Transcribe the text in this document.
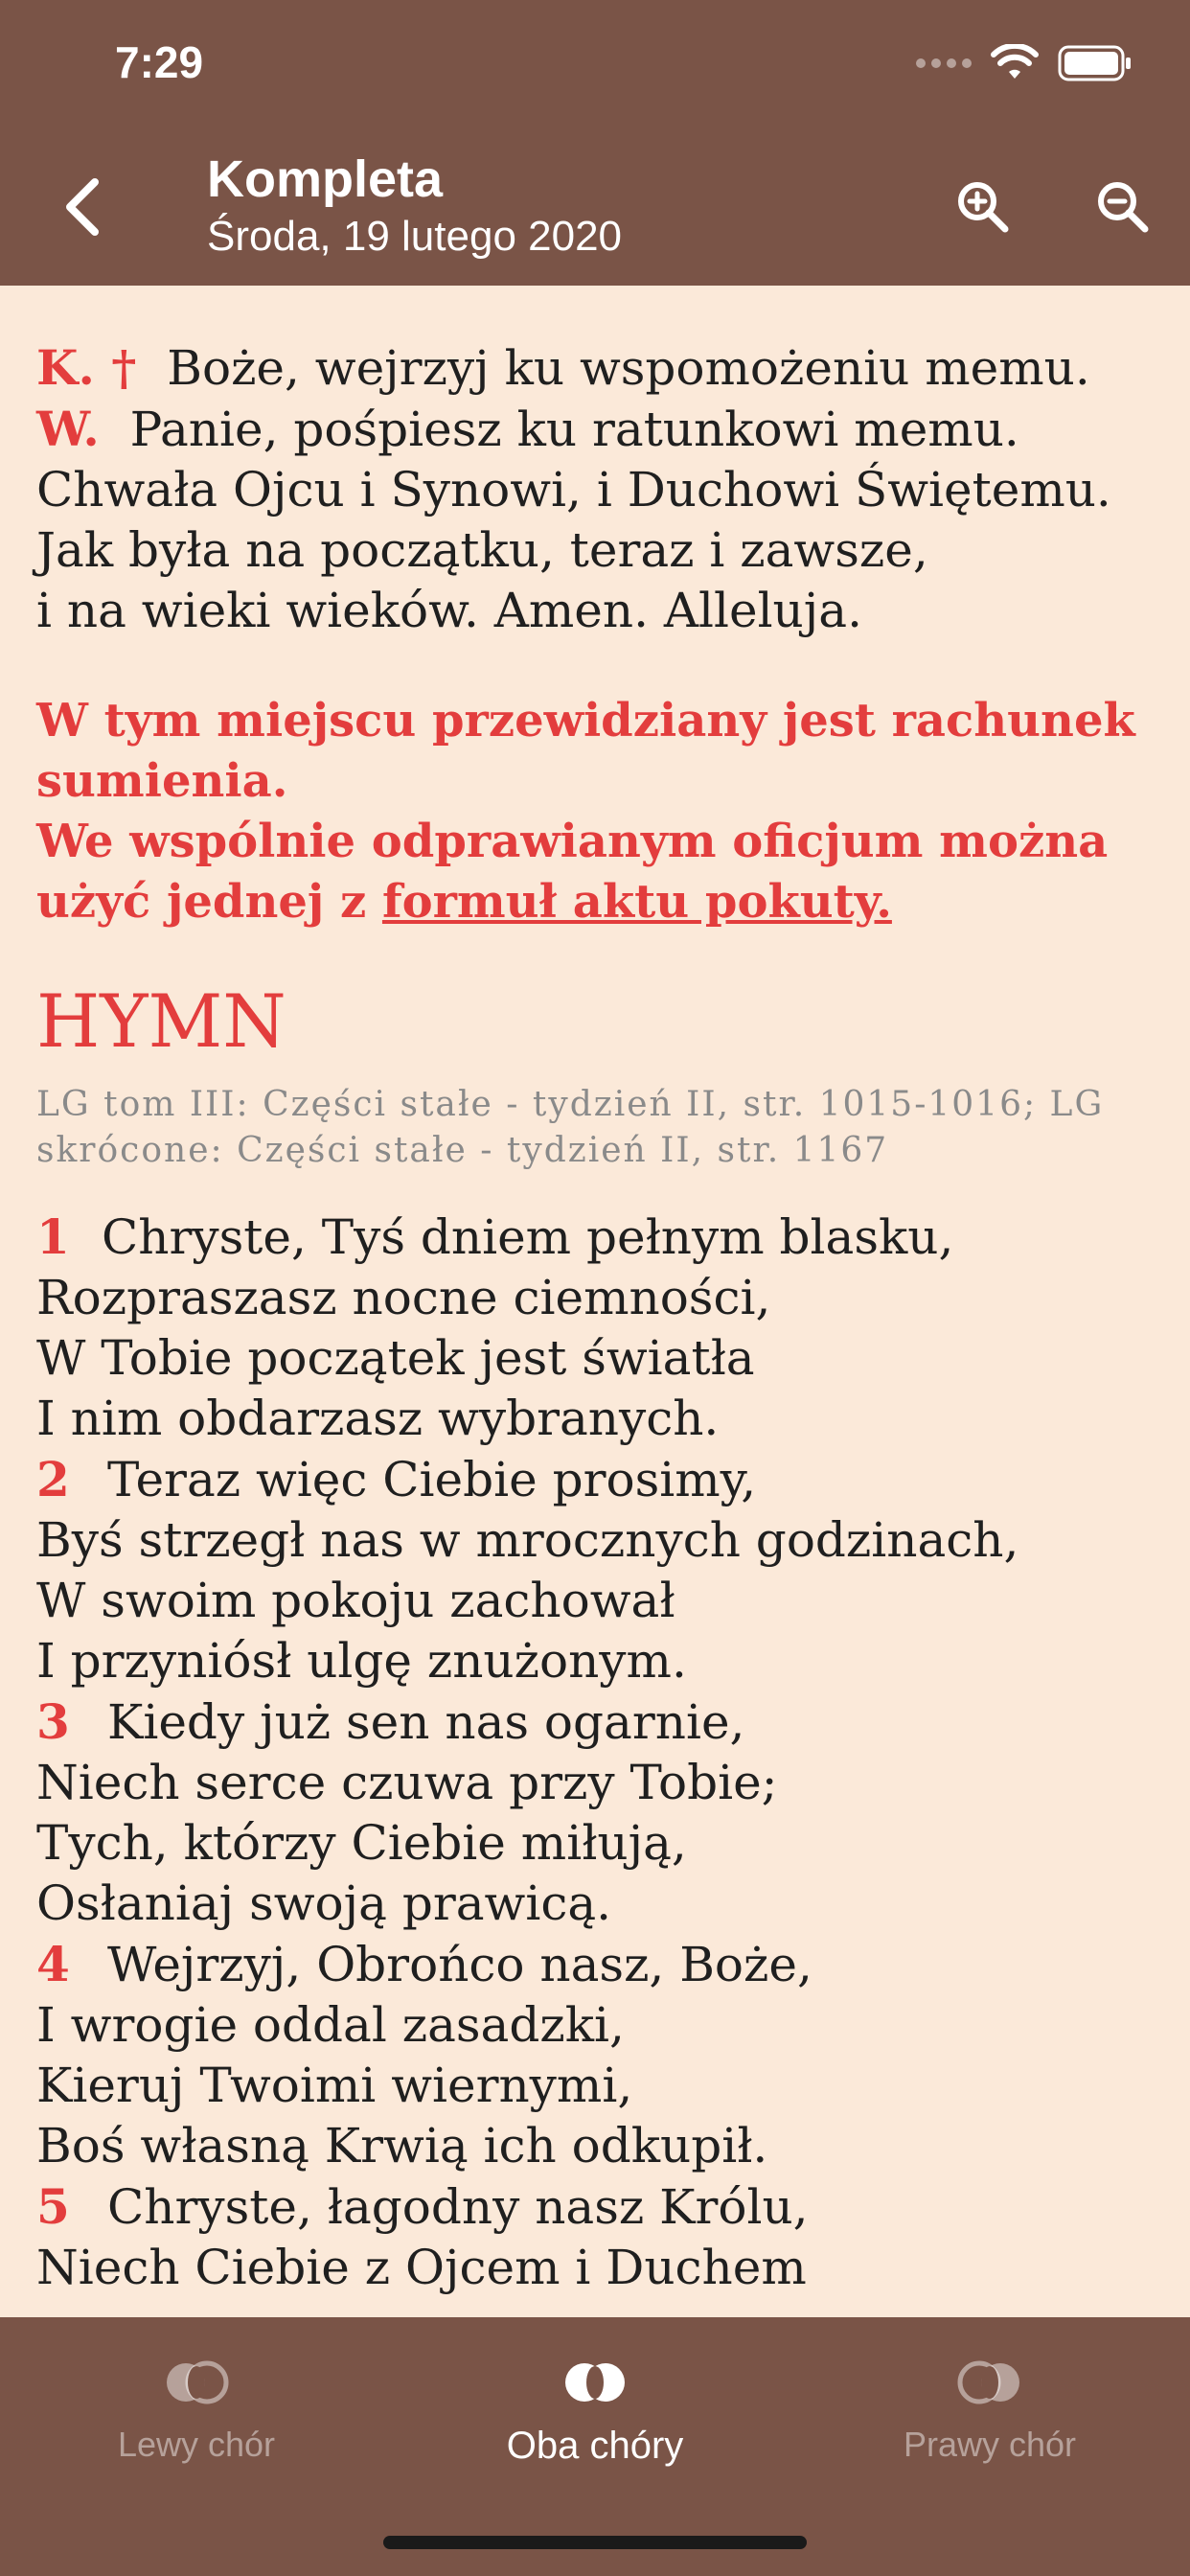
7:29
Kompleta
Środa, 19 lutego 2020
K. † Boże, wejrzyj ku wspomożeniu memu.
W. Panie, pośpiesz ku ratunkowi memu.
Chwała Ojcu i Synowi, i Duchowi Świętemu.
Jak była na początku, teraz i zawsze,
i na wieki wieków. Amen. Alleluja.
W tym miejscu przewidziany jest rachunek sumienia.
We wspólnie odprawianym oficjum można użyć jednej z formuł aktu pokuty.
HYMN
LG tom III: Części stałe - tydzień II, str. 1015-1016; LG skrócone: Części stałe - tydzień II, str. 1167
1 Chryste, Tyś dniem pełnym blasku,
Rozpraszasz nocne ciemności,
W Tobie początek jest światła
I nim obdarzasz wybranych.
2 Teraz więc Ciebie prosimy,
Byś strzegł nas w mrocznych godzinach,
W swoim pokoju zachował
I przyniósł ulgę znużonym.
3 Kiedy już sen nas ogarnie,
Niech serce czuwa przy Tobie;
Tych, którzy Ciebie miłują,
Osłaniaj swoją prawicą.
4 Wejrzyj, Obrońco nasz, Boże,
I wrogie oddal zasadzki,
Kieruj Twoimi wiernymi,
Boś własną Krwią ich odkupił.
5 Chryste, łagodny nasz Królu,
Niech Ciebie z Ojcem i Duchem
Lewy chór	Oba chóry	Prawy chór
